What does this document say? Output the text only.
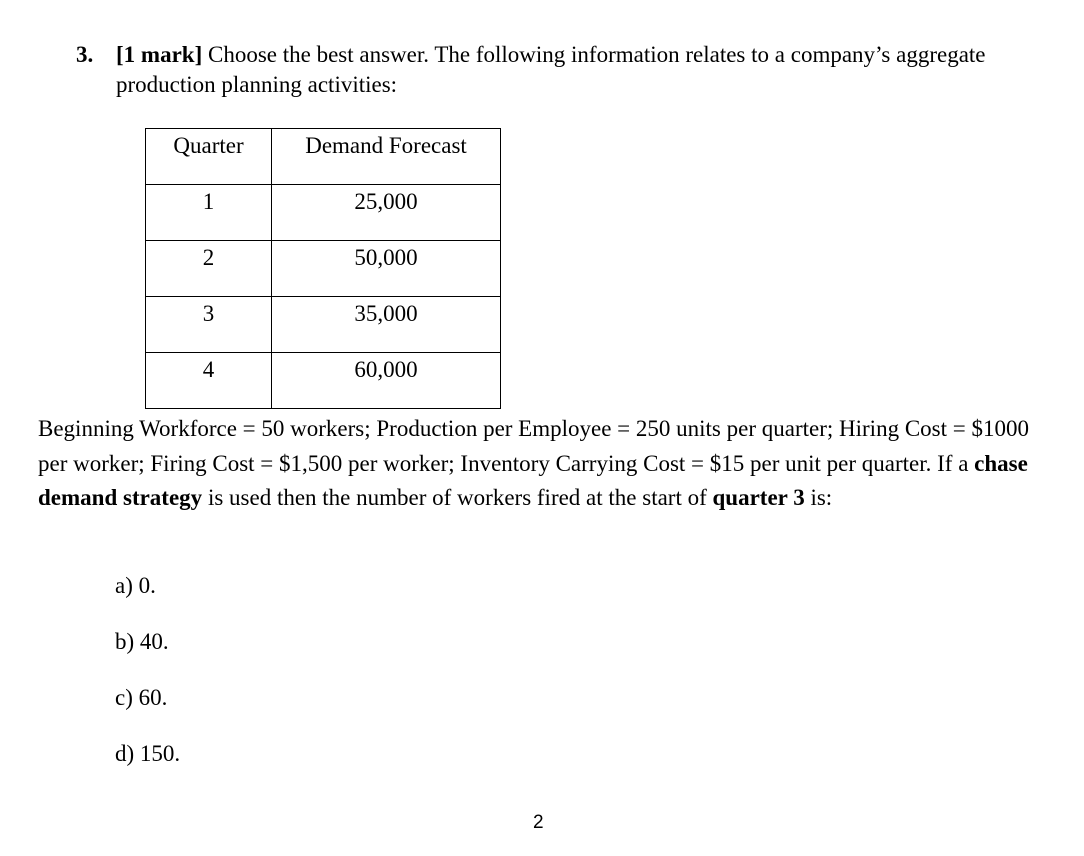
3. [1 mark] Choose the best answer. The following information relates to a company’s aggregate production planning activities:
Quarter	Demand Forecast
1	25,000
2	50,000
3	35,000
4	60,000
Beginning Workforce = 50 workers; Production per Employee = 250 units per quarter; Hiring Cost = $1000 per worker; Firing Cost = $1,500 per worker; Inventory Carrying Cost = $15 per unit per quarter. If a chase demand strategy is used then the number of workers fired at the start of quarter 3 is:
a) 0.
b) 40.
c) 60.
d) 150.
2
